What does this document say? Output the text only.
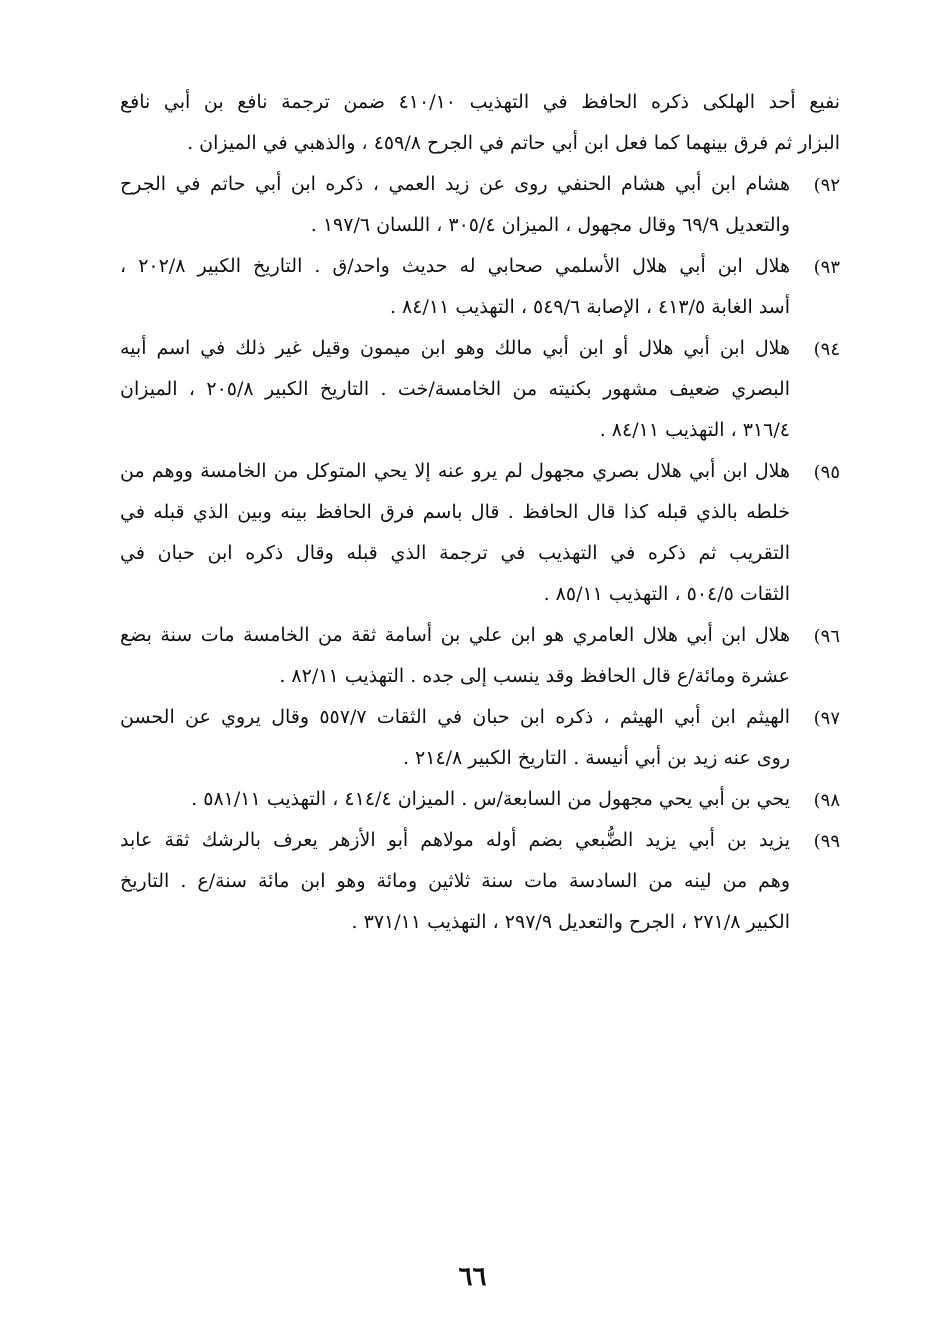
نفيع أحد الهلكى ذكره الحافظ في التهذيب ٤١٠/١٠ ضمن ترجمة نافع بن أبي نافع
البزار ثم فرق بينهما كما فعل ابن أبي حاتم في الجرح ٤٥٩/٨ ، والذهبي في الميزان .
٩٢)
هشام ابن أبي هشام الحنفي روى عن زيد العمي ، ذكره ابن أبي حاتم في الجرح
والتعديل ٦٩/٩ وقال مجهول ، الميزان ٣٠٥/٤ ، اللسان ١٩٧/٦ .
٩٣)
هلال ابن أبي هلال الأسلمي صحابي له حديث واحد/ق . التاريخ الكبير ٢٠٢/٨ ،
أسد الغابة ٤١٣/٥ ، الإصابة ٥٤٩/٦ ، التهذيب ٨٤/١١ .
٩٤)
هلال ابن أبي هلال أو ابن أبي مالك وهو ابن ميمون وقيل غير ذلك في اسم أبيه
البصري ضعيف مشهور بكنيته من الخامسة/خت . التاريخ الكبير ٢٠٥/٨ ، الميزان
٣١٦/٤ ، التهذيب ٨٤/١١ .
٩٥)
هلال ابن أبي هلال بصري مجهول لم يرو عنه إلا يحي المتوكل من الخامسة ووهم من
خلطه بالذي قبله كذا قال الحافظ . قال باسم فرق الحافظ بينه وبين الذي قبله في
التقريب ثم ذكره في التهذيب في ترجمة الذي قبله وقال ذكره ابن حبان في
الثقات ٥٠٤/٥ ، التهذيب ٨٥/١١ .
٩٦)
هلال ابن أبي هلال العامري هو ابن علي بن أسامة ثقة من الخامسة مات سنة بضع
عشرة ومائة/ع قال الحافظ وقد ينسب إلى جده . التهذيب ٨٢/١١ .
٩٧)
الهيثم ابن أبي الهيثم ، ذكره ابن حبان في الثقات ٥٥٧/٧ وقال يروي عن الحسن
روى عنه زيد بن أبي أنيسة . التاريخ الكبير ٢١٤/٨ .
٩٨)
يحي بن أبي يحي مجهول من السابعة/س . الميزان ٤١٤/٤ ، التهذيب ٥٨١/١١ .
٩٩)
يزيد بن أبي يزيد الضُّبعي بضم أوله مولاهم أبو الأزهر يعرف بالرشك ثقة عابد
وهم من لينه من السادسة مات سنة ثلاثين ومائة وهو ابن مائة سنة/ع . التاريخ
الكبير ٢٧١/٨ ، الجرح والتعديل ٢٩٧/٩ ، التهذيب ٣٧١/١١ .
٦٦
